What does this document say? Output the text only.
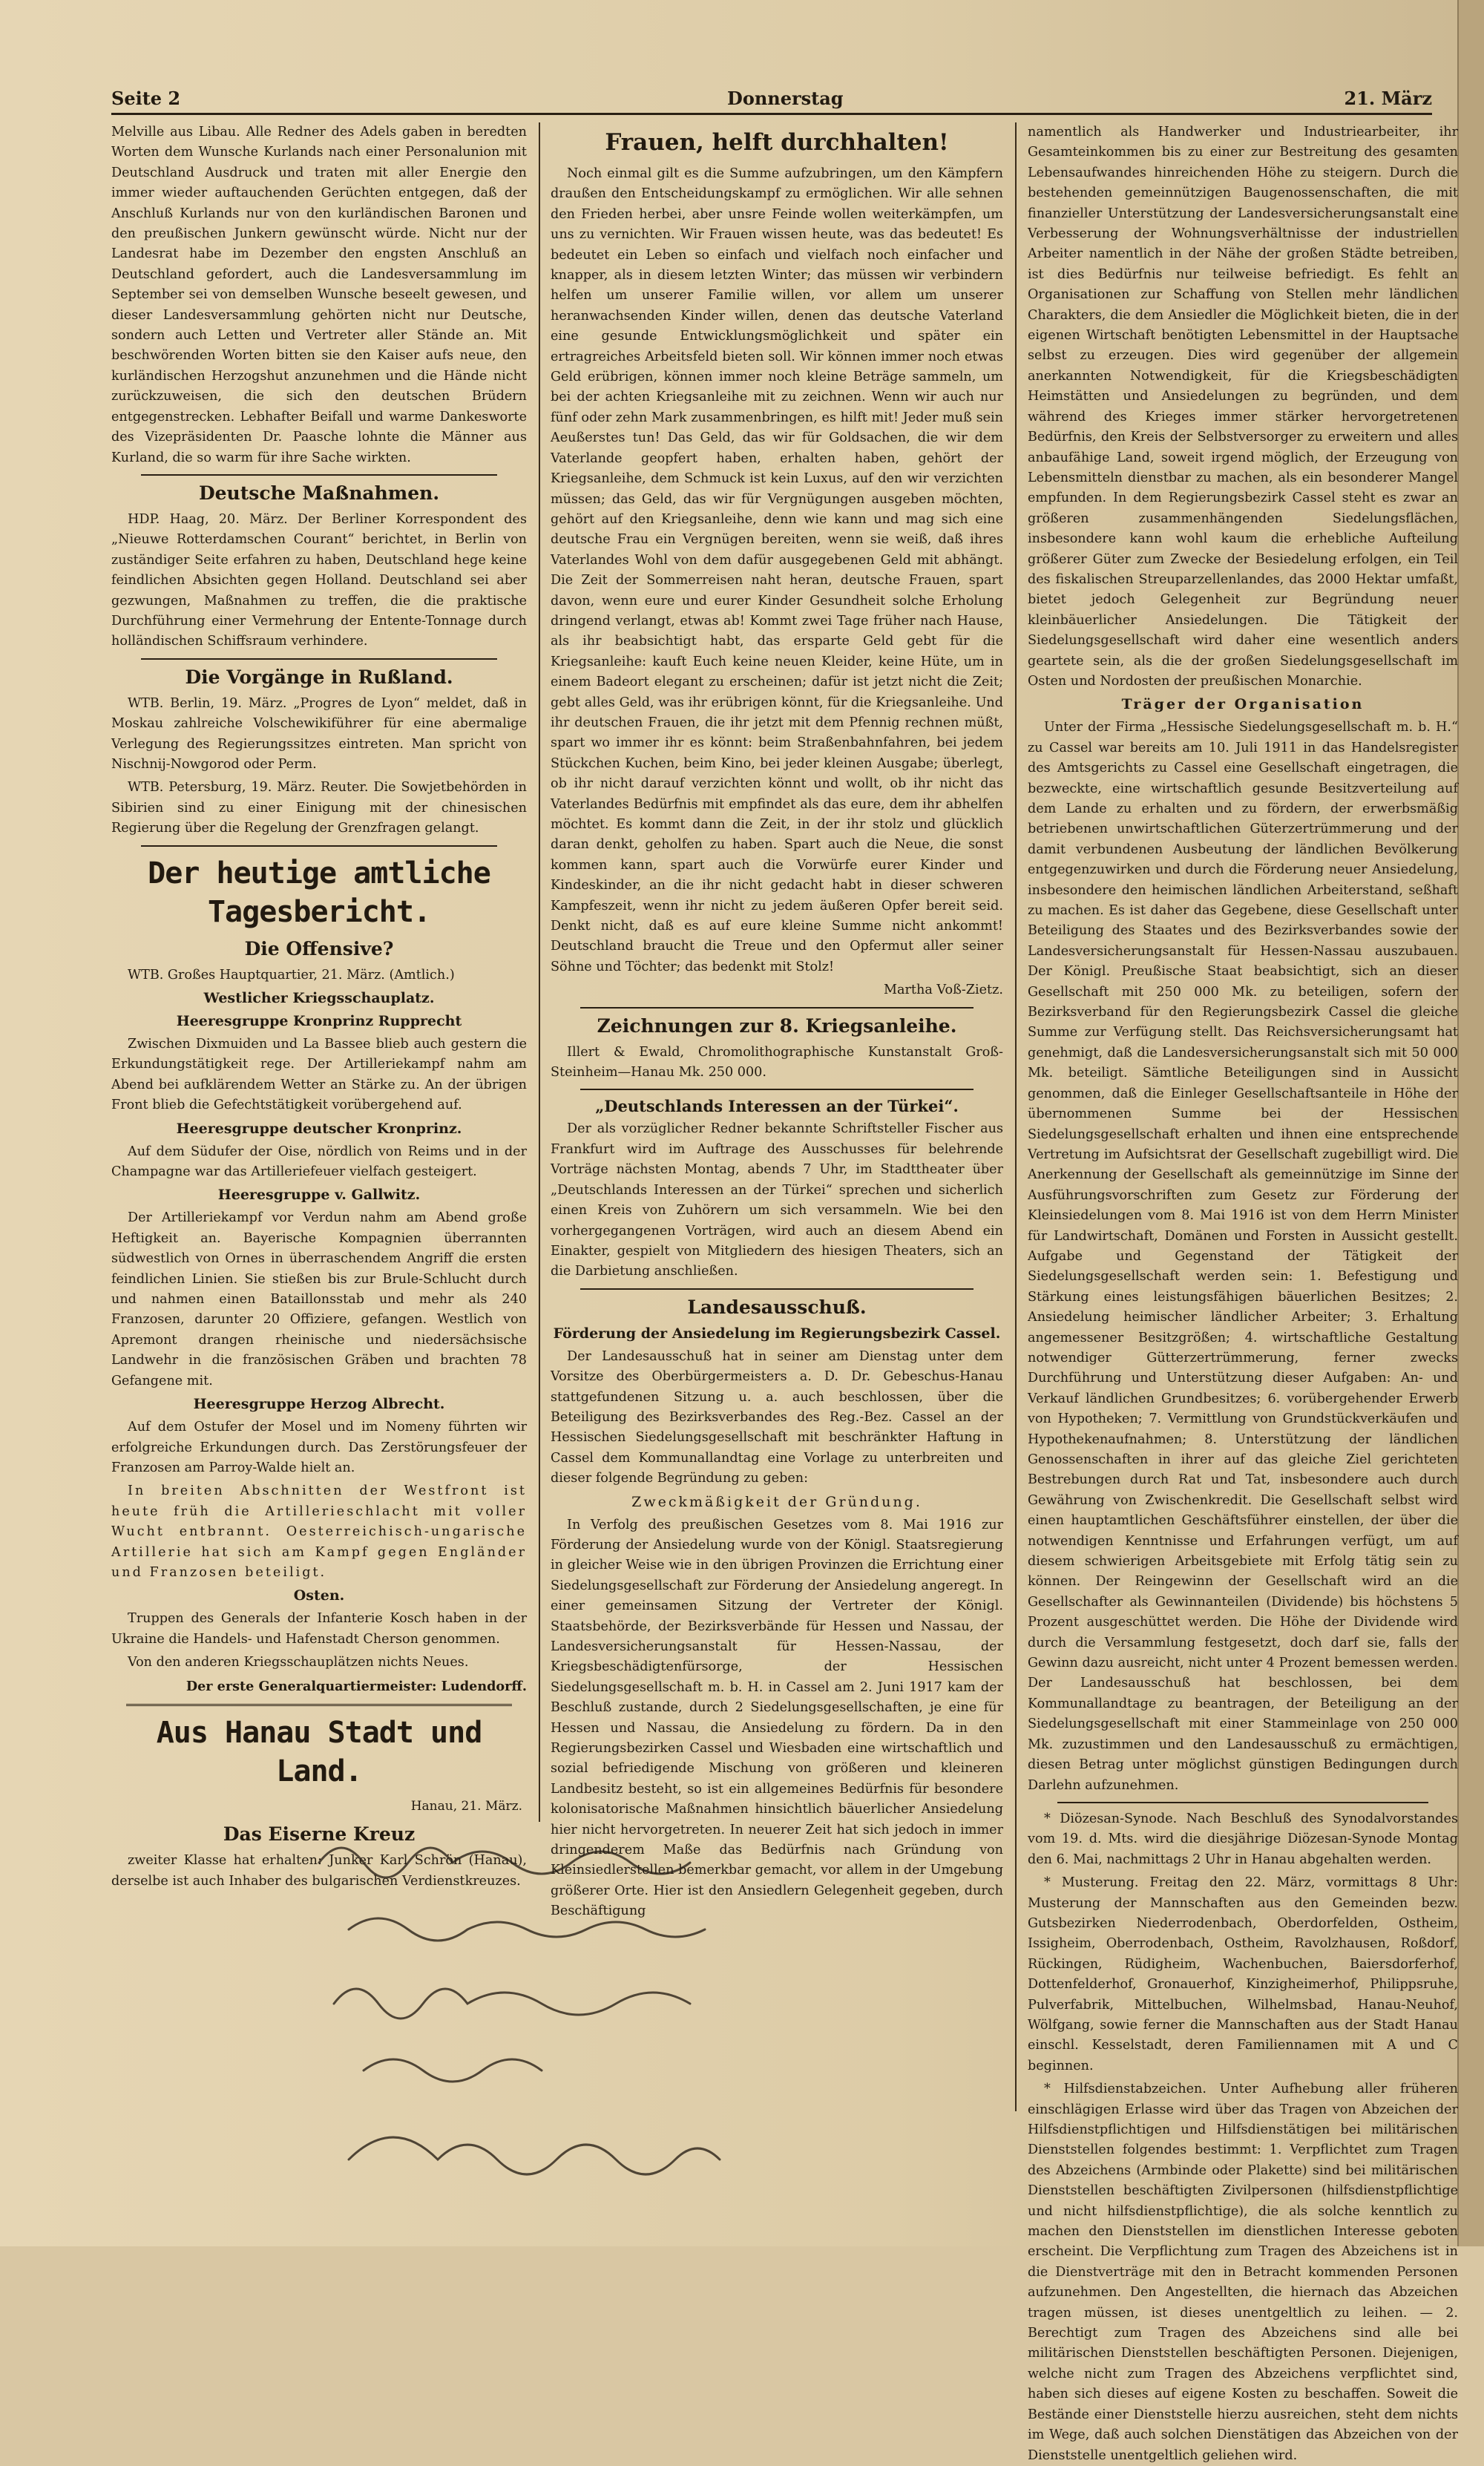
Seite 2	Donnerstag	21. März

Melville aus Libau. Alle Redner des Adels gaben in beredten Worten dem Wunsche Kurlands nach einer Personalunion mit Deutschland Ausdruck und traten mit aller Energie den immer wieder auftauchenden Gerüchten entgegen, daß der Anschluß Kurlands nur von den kurländischen Baronen und den preußischen Junkern gewünscht würde. Nicht nur der Landesrat habe im Dezember den engsten Anschluß an Deutschland gefordert, auch die Landesversammlung im September sei von demselben Wunsche beseelt gewesen, und dieser Landesversammlung gehörten nicht nur Deutsche, sondern auch Letten und Vertreter aller Stände an. Mit beschwörenden Worten bitten sie den Kaiser aufs neue, den kurländischen Herzogshut anzunehmen und die Hände nicht zurückzuweisen, die sich den deutschen Brüdern entgegenstrecken. Lebhafter Beifall und warme Dankesworte des Vizepräsidenten Dr. Paasche lohnte die Männer aus Kurland, die so warm für ihre Sache wirkten.

Deutsche Maßnahmen.

HDP. Haag, 20. März. Der Berliner Korrespondent des „Nieuwe Rotterdamschen Courant“ berichtet, in Berlin von zuständiger Seite erfahren zu haben, Deutschland hege keine feindlichen Absichten gegen Holland. Deutschland sei aber gezwungen, Maßnahmen zu treffen, die die praktische Durchführung einer Vermehrung der Entente-Tonnage durch holländischen Schiffsraum verhindere.

Die Vorgänge in Rußland.

WTB. Berlin, 19. März. „Progres de Lyon“ meldet, daß in Moskau zahlreiche Volschewikiführer für eine abermalige Verlegung des Regierungssitzes eintreten. Man spricht von Nischnij-Nowgorod oder Perm.

WTB. Petersburg, 19. März. Reuter. Die Sowjetbehörden in Sibirien sind zu einer Einigung mit der chinesischen Regierung über die Regelung der Grenzfragen gelangt.

Der heutige amtliche Tagesbericht.
Die Offensive?

WTB. Großes Hauptquartier, 21. März. (Amtlich.)

Westlicher Kriegsschauplatz.
Heeresgruppe Kronprinz Rupprecht

Zwischen Dixmuiden und La Bassee blieb auch gestern die Erkundungstätigkeit rege. Der Artilleriekampf nahm am Abend bei aufklärendem Wetter an Stärke zu. An der übrigen Front blieb die Gefechtstätigkeit vorübergehend auf.

Heeresgruppe deutscher Kronprinz.

Auf dem Südufer der Oise, nördlich von Reims und in der Champagne war das Artilleriefeuer vielfach gesteigert.

Heeresgruppe v. Gallwitz.

Der Artilleriekampf vor Verdun nahm am Abend große Heftigkeit an. Bayerische Kompagnien überrannten südwestlich von Ornes in überraschendem Angriff die ersten feindlichen Linien. Sie stießen bis zur Brule-Schlucht durch und nahmen einen Bataillonsstab und mehr als 240 Franzosen, darunter 20 Offiziere, gefangen. Westlich von Apremont drangen rheinische und niedersächsische Landwehr in die französischen Gräben und brachten 78 Gefangene mit.

Heeresgruppe Herzog Albrecht.

Auf dem Ostufer der Mosel und im Nomeny führten wir erfolgreiche Erkundungen durch. Das Zerstörungsfeuer der Franzosen am Parroy-Walde hielt an.

In breiten Abschnitten der Westfront ist heute früh die Artillerieschlacht mit voller Wucht entbrannt. Oesterreichisch-ungarische Artillerie hat sich am Kampf gegen Engländer und Franzosen beteiligt.

Osten.

Truppen des Generals der Infanterie Kosch haben in der Ukraine die Handels- und Hafenstadt Cherson genommen.

Von den anderen Kriegsschauplätzen nichts Neues.

Der erste Generalquartiermeister: Ludendorff.

Aus Hanau Stadt und Land.
Hanau, 21. März.
Das Eiserne Kreuz

zweiter Klasse hat erhalten: Junker Karl Schrön (Hanau), derselbe ist auch Inhaber des bulgarischen Verdienstkreuzes.

Frauen, helft durchhalten!

Noch einmal gilt es die Summe aufzubringen, um den Kämpfern draußen den Entscheidungskampf zu ermöglichen. Wir alle sehnen den Frieden herbei, aber unsre Feinde wollen weiterkämpfen, um uns zu vernichten. Wir Frauen wissen heute, was das bedeutet! Es bedeutet ein Leben so einfach und vielfach noch einfacher und knapper, als in diesem letzten Winter; das müssen wir verbindern helfen um unserer Familie willen, vor allem um unserer heranwachsenden Kinder willen, denen das deutsche Vaterland eine gesunde Entwicklungsmöglichkeit und später ein ertragreiches Arbeitsfeld bieten soll. Wir können immer noch etwas Geld erübrigen, können immer noch kleine Beträge sammeln, um bei der achten Kriegsanleihe mit zu zeichnen. Wenn wir auch nur fünf oder zehn Mark zusammenbringen, es hilft mit! Jeder muß sein Aeußerstes tun! Das Geld, das wir für Goldsachen, die wir dem Vaterlande geopfert haben, erhalten haben, gehört der Kriegsanleihe, dem Schmuck ist kein Luxus, auf den wir verzichten müssen; das Geld, das wir für Vergnügungen ausgeben möchten, gehört auf den Kriegsanleihe, denn wie kann und mag sich eine deutsche Frau ein Vergnügen bereiten, wenn sie weiß, daß ihres Vaterlandes Wohl von dem dafür ausgegebenen Geld mit abhängt. Die Zeit der Sommerreisen naht heran, deutsche Frauen, spart davon, wenn eure und eurer Kinder Gesundheit solche Erholung dringend verlangt, etwas ab! Kommt zwei Tage früher nach Hause, als ihr beabsichtigt habt, das erspartе Geld gebt für die Kriegsanleihe: kauft Euch keine neuen Kleider, keine Hüte, um in einem Badeort elegant zu erscheinen; dafür ist jetzt nicht die Zeit; gebt alles Geld, was ihr erübrigen könnt, für die Kriegsanleihe. Und ihr deutschen Frauen, die ihr jetzt mit dem Pfennig rechnen müßt, spart wo immer ihr es könnt: beim Straßenbahnfahren, bei jedem Stückchen Kuchen, beim Kino, bei jeder kleinen Ausgabe; überlegt, ob ihr nicht darauf verzichten könnt und wollt, ob ihr nicht das Vaterlandes Bedürfnis mit empfindet als das eure, dem ihr abhelfen möchtet. Es kommt dann die Zeit, in der ihr stolz und glücklich daran denkt, geholfen zu haben. Spart auch die Neue, die sonst kommen kann, spart auch die Vorwürfe eurer Kinder und Kindeskinder, an die ihr nicht gedacht habt in dieser schweren Kampfeszeit, wenn ihr nicht zu jedem äußeren Opfer bereit seid. Denkt nicht, daß es auf eure kleine Summe nicht ankommt! Deutschland braucht die Treue und den Opfermut aller seiner Söhne und Töchter; das bedenkt mit Stolz!

Martha Voß-Zietz.

Zeichnungen zur 8. Kriegsanleihe.

Illert & Ewald, Chromolithographische Kunstanstalt Groß-Steinheim—Hanau Mk. 250 000.

„Deutschlands Interessen an der Türkei“.

Der als vorzüglicher Redner bekannte Schriftsteller Fischer aus Frankfurt wird im Auftrage des Ausschusses für belehrende Vorträge nächsten Montag, abends 7 Uhr, im Stadttheater über „Deutschlands Interessen an der Türkei“ sprechen und sicherlich einen Kreis von Zuhörern um sich versammeln. Wie bei den vorhergegangenen Vorträgen, wird auch an diesem Abend ein Einakter, gespielt von Mitgliedern des hiesigen Theaters, sich an die Darbietung anschließen.

Landesausschuß.
Förderung der Ansiedelung im Regierungsbezirk Cassel.

Der Landesausschuß hat in seiner am Dienstag unter dem Vorsitze des Oberbürgermeisters a. D. Dr. Gebeschus-Hanau stattgefundenen Sitzung u. a. auch beschlossen, über die Beteiligung des Bezirksverbandes des Reg.-Bez. Cassel an der Hessischen Siedelungsgesellschaft mit beschränkter Haftung in Cassel dem Kommunallandtag eine Vorlage zu unterbreiten und dieser folgende Begründung zu geben:

Zweckmäßigkeit der Gründung.

In Verfolg des preußischen Gesetzes vom 8. Mai 1916 zur Förderung der Ansiedelung wurde von der Königl. Staatsregierung in gleicher Weise wie in den übrigen Provinzen die Errichtung einer Siedelungsgesellschaft zur Förderung der Ansiedelung angeregt. In einer gemeinsamen Sitzung der Vertreter der Königl. Staatsbehörde, der Bezirksverbände für Hessen und Nassau, der Landesversicherungsanstalt für Hessen-Nassau, der Kriegsbeschädigtenfürsorge, der Hessischen Siedelungsgesellschaft m. b. H. in Cassel am 2. Juni 1917 kam der Beschluß zustande, durch 2 Siedelungsgesellschaften, je eine für Hessen und Nassau, die Ansiedelung zu fördern. Da in den Regierungsbezirken Cassel und Wiesbaden eine wirtschaftlich und sozial befriedigende Mischung von größeren und kleineren Landbesitz besteht, so ist ein allgemeines Bedürfnis für besondere kolonisatorische Maßnahmen hinsichtlich bäuerlicher Ansiedelung hier nicht hervorgetreten. In neuerer Zeit hat sich jedoch in immer dringenderem Maße das Bedürfnis nach Gründung von Kleinsiedlerstellen bemerkbar gemacht, vor allem in der Umgebung größerer Orte. Hier ist den Ansiedlern Gelegenheit gegeben, durch Beschäftigung

namentlich als Handwerker und Industriearbeiter, ihr Gesamteinkommen bis zu einer zur Bestreitung des gesamten Lebensaufwandes hinreichenden Höhe zu steigern. Durch die bestehenden gemeinnützigen Baugenossenschaften, die mit finanzieller Unterstützung der Landesversicherungsanstalt eine Verbesserung der Wohnungsverhältnisse der industriellen Arbeiter namentlich in der Nähe der großen Städte betreiben, ist dies Bedürfnis nur teilweise befriedigt. Es fehlt an Organisationen zur Schaffung von Stellen mehr ländlichen Charakters, die dem Ansiedler die Möglichkeit bieten, die in der eigenen Wirtschaft benötigten Lebensmittel in der Hauptsache selbst zu erzeugen. Dies wird gegenüber der allgemein anerkannten Notwendigkeit, für die Kriegsbeschädigten Heimstätten und Ansiedelungen zu begründen, und dem während des Krieges immer stärker hervorgetretenen Bedürfnis, den Kreis der Selbstversorger zu erweitern und alles anbaufähige Land, soweit irgend möglich, der Erzeugung von Lebensmitteln dienstbar zu machen, als ein besonderer Mangel empfunden. In dem Regierungsbezirk Cassel steht es zwar an größeren zusammenhängenden Siedelungsflächen, insbesondere kann wohl kaum die erhebliche Aufteilung größerer Güter zum Zwecke der Besiedelung erfolgen, ein Teil des fiskalischen Streuparzellenlandes, das 2000 Hektar umfaßt, bietet jedoch Gelegenheit zur Begründung neuer kleinbäuerlicher Ansiedelungen. Die Tätigkeit der Siedelungsgesellschaft wird daher eine wesentlich anders geartete sein, als die der großen Siedelungsgesellschaft im Osten und Nordosten der preußischen Monarchie.

Träger der Organisation

Unter der Firma „Hessische Siedelungsgesellschaft m. b. H.“ zu Cassel war bereits am 10. Juli 1911 in das Handelsregister des Amtsgerichts zu Cassel eine Gesellschaft eingetragen, die bezweckte, eine wirtschaftlich gesunde Besitzverteilung auf dem Lande zu erhalten und zu fördern, der erwerbsmäßig betriebenen unwirtschaftlichen Güterzertrümmerung und der damit verbundenen Ausbeutung der ländlichen Bevölkerung entgegenzuwirken und durch die Förderung neuer Ansiedelung, insbesondere den heimischen ländlichen Arbeiterstand, seßhaft zu machen. Es ist daher das Gegebene, diese Gesellschaft unter Beteiligung des Staates und des Bezirksverbandes sowie der Landesversicherungsanstalt für Hessen-Nassau auszubauen. Der Königl. Preußische Staat beabsichtigt, sich an dieser Gesellschaft mit 250 000 Mk. zu beteiligen, sofern der Bezirksverband für den Regierungsbezirk Cassel die gleiche Summe zur Verfügung stellt. Das Reichsversicherungsamt hat genehmigt, daß die Landesversicherungsanstalt sich mit 50 000 Mk. beteiligt. Sämtliche Beteiligungen sind in Aussicht genommen, daß die Einleger Gesellschaftsanteile in Höhe der übernommenen Summe bei der Hessischen Siedelungsgesellschaft erhalten und ihnen eine entsprechende Vertretung im Aufsichtsrat der Gesellschaft zugebilligt wird. Die Anerkennung der Gesellschaft als gemeinnützige im Sinne der Ausführungsvorschriften zum Gesetz zur Förderung der Kleinsiedelungen vom 8. Mai 1916 ist von dem Herrn Minister für Landwirtschaft, Domänen und Forsten in Aussicht gestellt. Aufgabe und Gegenstand der Tätigkeit der Siedelungsgesellschaft werden sein: 1. Befestigung und Stärkung eines leistungsfähigen bäuerlichen Besitzes; 2. Ansiedelung heimischer ländlicher Arbeiter; 3. Erhaltung angemessener Besitzgrößen; 4. wirtschaftliche Gestaltung notwendiger Gütterzertrümmerung, ferner zwecks Durchführung und Unterstützung dieser Aufgaben: An- und Verkauf ländlichen Grundbesitzes; 6. vorübergehender Erwerb von Hypotheken; 7. Vermittlung von Grundstückverkäufen und Hypothekenaufnahmen; 8. Unterstützung der ländlichen Genossenschaften in ihrer auf das gleiche Ziel gerichteten Bestrebungen durch Rat und Tat, insbesondere auch durch Gewährung von Zwischenkredit. Die Gesellschaft selbst wird einen hauptamtlichen Geschäftsführer einstellen, der über die notwendigen Kenntnisse und Erfahrungen verfügt, um auf diesem schwierigen Arbeitsgebiete mit Erfolg tätig sein zu können. Der Reingewinn der Gesellschaft wird an die Gesellschafter als Gewinnanteilen (Dividende) bis höchstens 5 Prozent ausgeschüttet werden. Die Höhe der Dividende wird durch die Versammlung festgesetzt, doch darf sie, falls der Gewinn dazu ausreicht, nicht unter 4 Prozent bemessen werden. Der Landesausschuß hat beschlossen, bei dem Kommunallandtage zu beantragen, der Beteiligung an der Siedelungsgesellschaft mit einer Stammeinlage von 250 000 Mk. zuzustimmen und den Landesausschuß zu ermächtigen, diesen Betrag unter möglichst günstigen Bedingungen durch Darlehn aufzunehmen.

* Diözesan-Synode. Nach Beschluß des Synodalvorstandes vom 19. d. Mts. wird die diesjährige Diözesan-Synode Montag den 6. Mai, nachmittags 2 Uhr in Hanau abgehalten werden.

* Musterung. Freitag den 22. März, vormittags 8 Uhr: Musterung der Mannschaften aus den Gemeinden bezw. Gutsbezirken Niederrodenbach, Oberdorfelden, Ostheim, Issigheim, Oberrodenbach, Ostheim, Ravolzhausen, Roßdorf, Rückingen, Rüdigheim, Wachenbuchen, Baiersdorferhof, Dottenfelderhof, Gronauerhof, Kinzigheimerhof, Philippsruhe, Pulverfabrik, Mittelbuchen, Wilhelmsbad, Hanau-Neuhof, Wölfgang, sowie ferner die Mannschaften aus der Stadt Hanau einschl. Kesselstadt, deren Familiennamen mit A und C beginnen.

* Hilfsdienstabzeichen. Unter Aufhebung aller früheren einschlägigen Erlasse wird über das Tragen von Abzeichen der Hilfsdienstpflichtigen und Hilfsdienstätigen bei militärischen Dienststellen folgendes bestimmt: 1. Verpflichtet zum Tragen des Abzeichens (Armbinde oder Plakette) sind bei militärischen Dienststellen beschäftigten Zivilpersonen (hilfsdienstpflichtige und nicht hilfsdienstpflichtige), die als solche kenntlich zu machen den Dienststellen im dienstlichen Interesse geboten erscheint. Die Verpflichtung zum Tragen des Abzeichens ist in die Dienstverträge mit den in Betracht kommenden Personen aufzunehmen. Den Angestellten, die hiernach das Abzeichen tragen müssen, ist dieses unentgeltlich zu leihen. — 2. Berechtigt zum Tragen des Abzeichens sind alle bei militärischen Dienststellen beschäftigten Personen. Diejenigen, welche nicht zum Tragen des Abzeichens verpflichtet sind, haben sich dieses auf eigene Kosten zu beschaffen. Soweit die Bestände einer Dienststelle hierzu ausreichen, steht dem nichts im Wege, daß auch solchen Dienstätigen das Abzeichen von der Dienststelle unentgeltlich geliehen wird.
